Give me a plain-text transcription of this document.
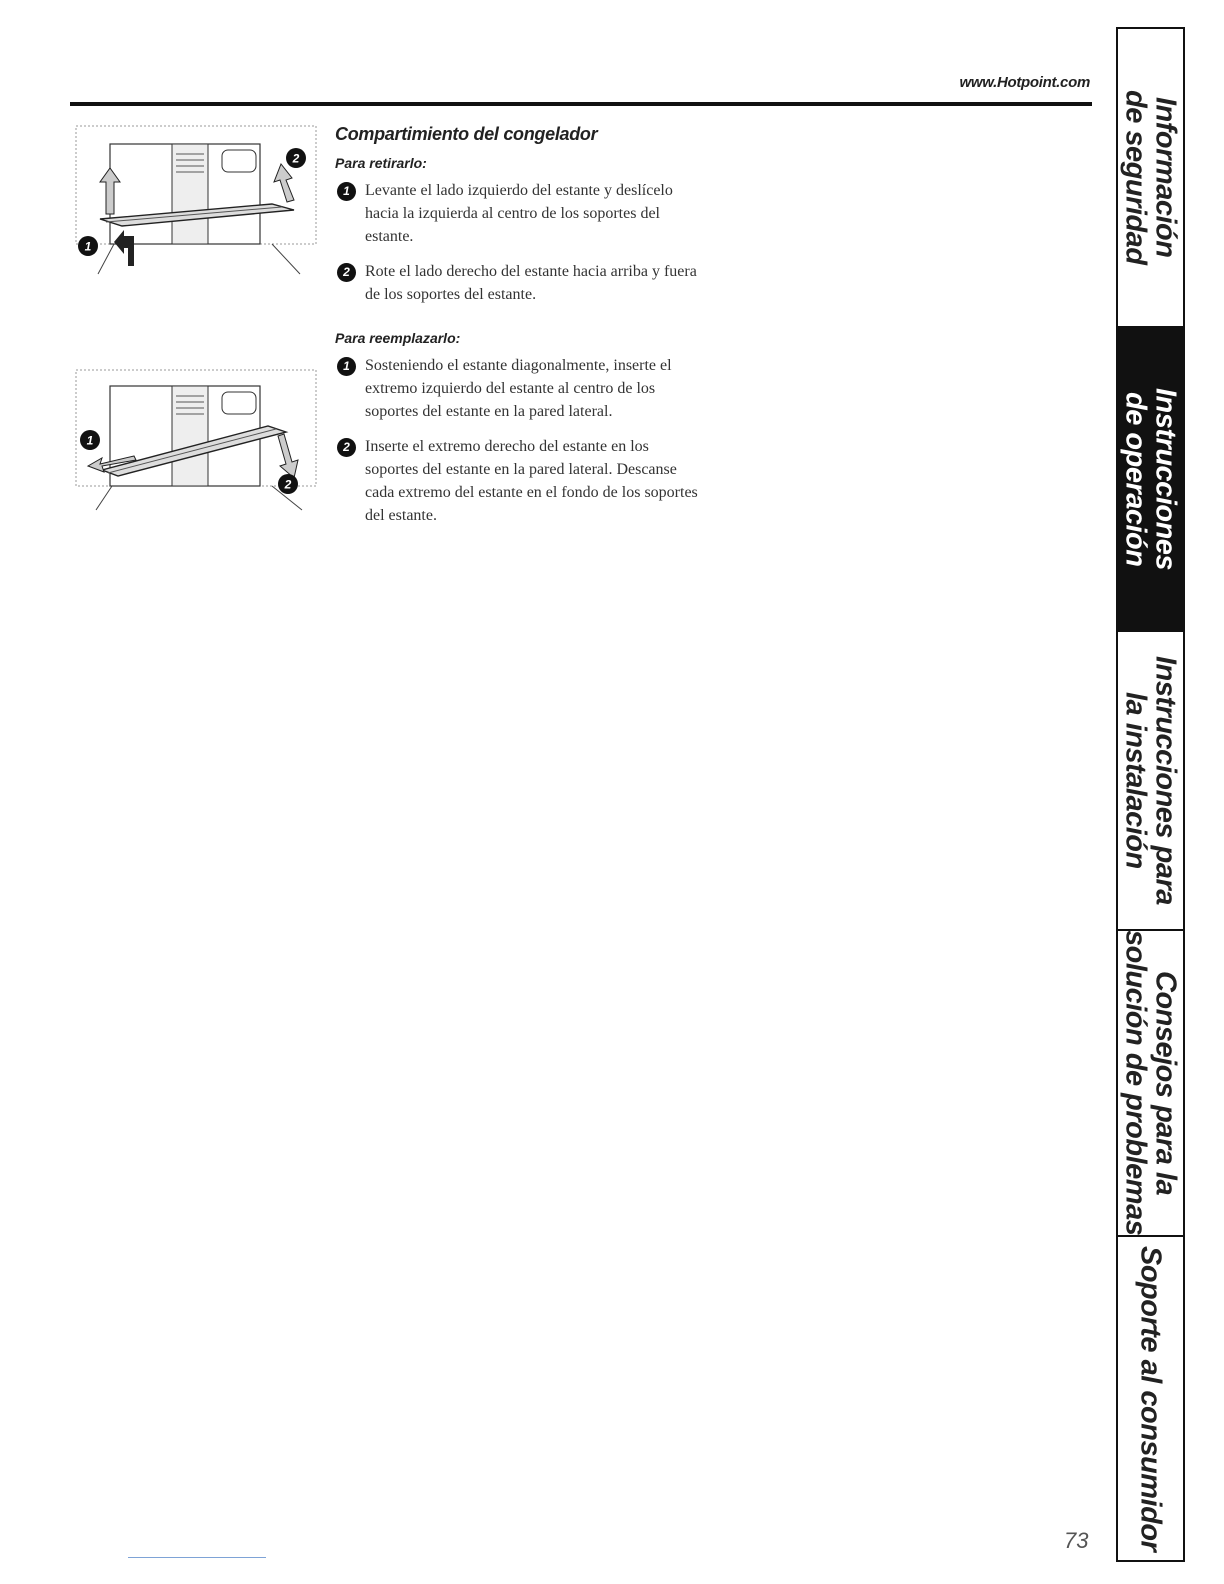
www.Hotpoint.com
1
2
1
2
Compartimiento del congelador
Para retirarlo:
1 Levante el lado izquierdo del estante y deslícelo hacia la izquierda al centro de los soportes del estante.
2 Rote el lado derecho del estante hacia arriba y fuera de los soportes del estante.
Para reemplazarlo:
1 Sosteniendo el estante diagonalmente, inserte el extremo izquierdo del estante al centro de los soportes del estante en la pared lateral.
2 Inserte el extremo derecho del estante en los soportes del estante en la pared lateral. Descanse cada extremo del estante en el fondo de los soportes del estante.
Información
de seguridad
Instrucciones
de operación
Instrucciones para
la instalación
Consejos para la
solución de problemas
Soporte al consumidor
73
